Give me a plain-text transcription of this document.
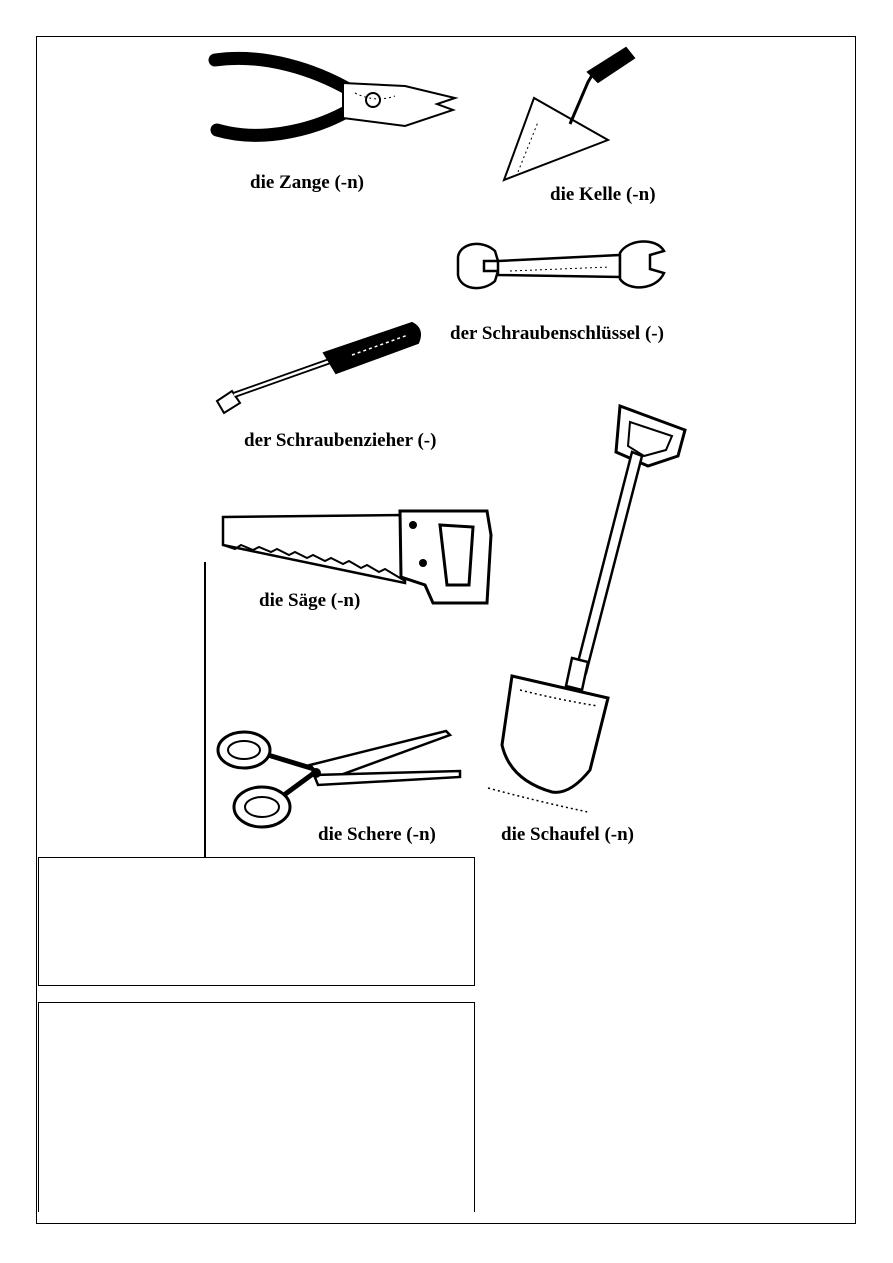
die Zange (-n)
die Kelle (-n)
der Schraubenschlüssel (-)
der Schraubenzieher (-)
die Säge (-n)
die Schaufel (-n)
die Schere (-n)
